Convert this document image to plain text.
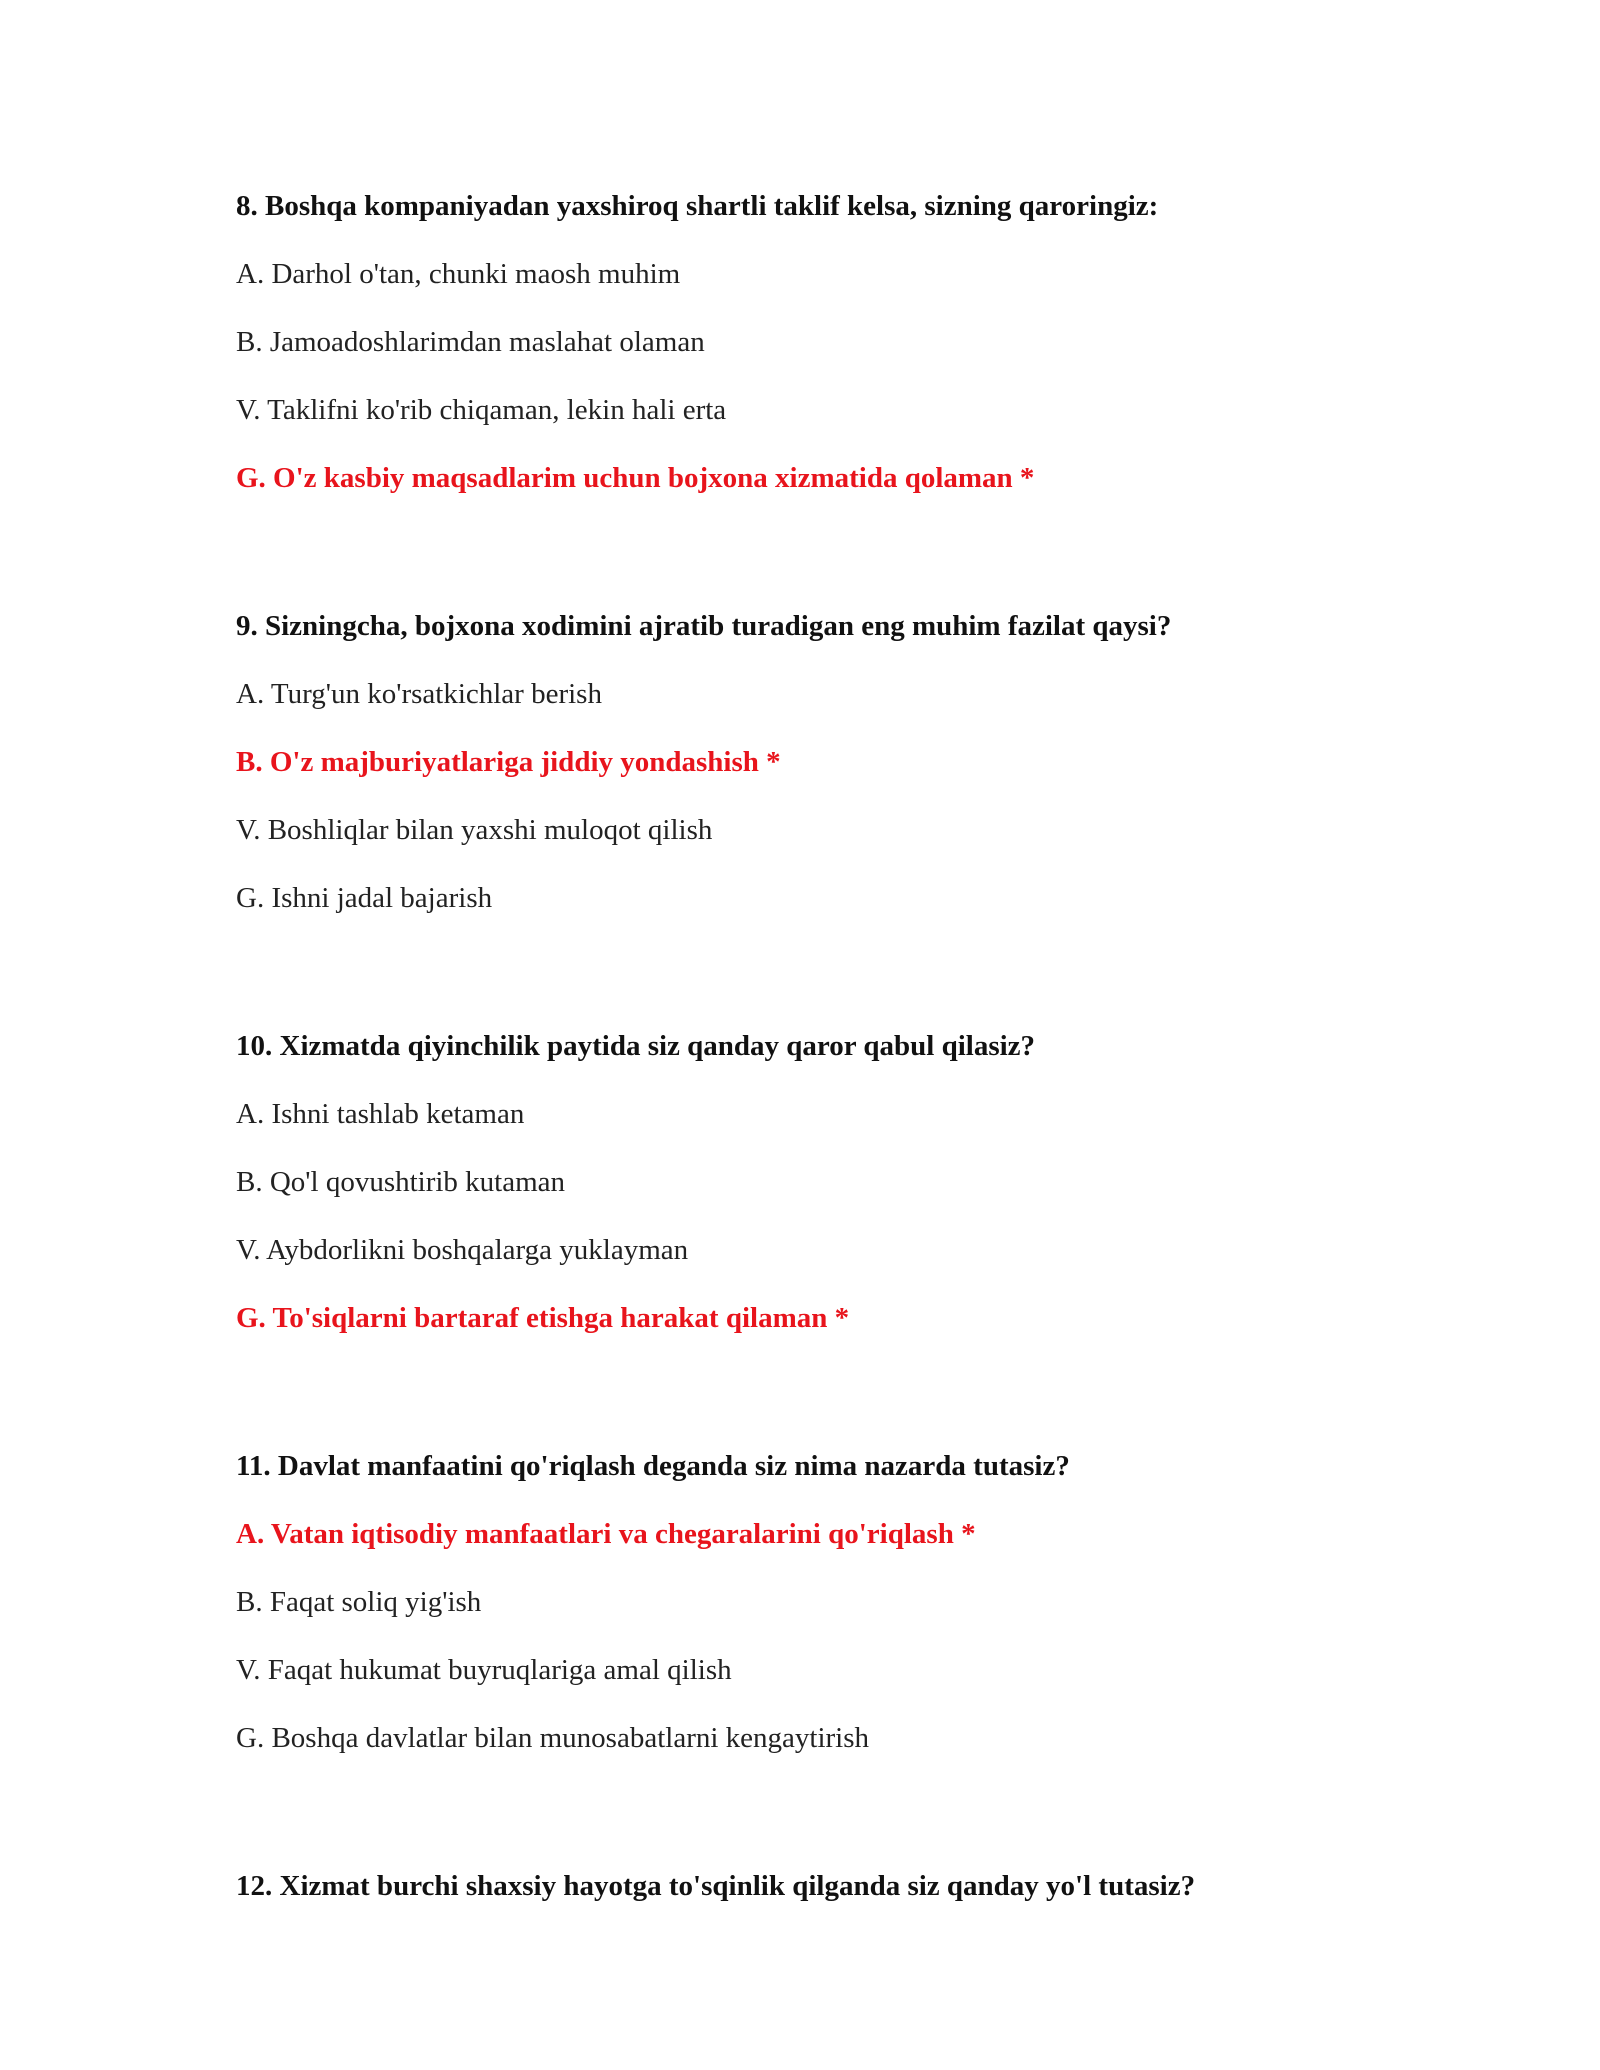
8. Boshqa kompaniyadan yaxshiroq shartli taklif kelsa, sizning qaroringiz:

A. Darhol o'tan, chunki maosh muhim

B. Jamoadoshlarimdan maslahat olaman

V. Taklifni ko'rib chiqaman, lekin hali erta

G. O'z kasbiy maqsadlarim uchun bojxona xizmatida qolaman *

9. Sizningcha, bojxona xodimini ajratib turadigan eng muhim fazilat qaysi?

A. Turg'un ko'rsatkichlar berish

B. O'z majburiyatlariga jiddiy yondashish *

V. Boshliqlar bilan yaxshi muloqot qilish

G. Ishni jadal bajarish

10. Xizmatda qiyinchilik paytida siz qanday qaror qabul qilasiz?

A. Ishni tashlab ketaman

B. Qo'l qovushtirib kutaman

V. Aybdorlikni boshqalarga yuklayman

G. To'siqlarni bartaraf etishga harakat qilaman *

11. Davlat manfaatini qo'riqlash deganda siz nima nazarda tutasiz?

A. Vatan iqtisodiy manfaatlari va chegaralarini qo'riqlash *

B. Faqat soliq yig'ish

V. Faqat hukumat buyruqlariga amal qilish

G. Boshqa davlatlar bilan munosabatlarni kengaytirish

12. Xizmat burchi shaxsiy hayotga to'sqinlik qilganda siz qanday yo'l tutasiz?
